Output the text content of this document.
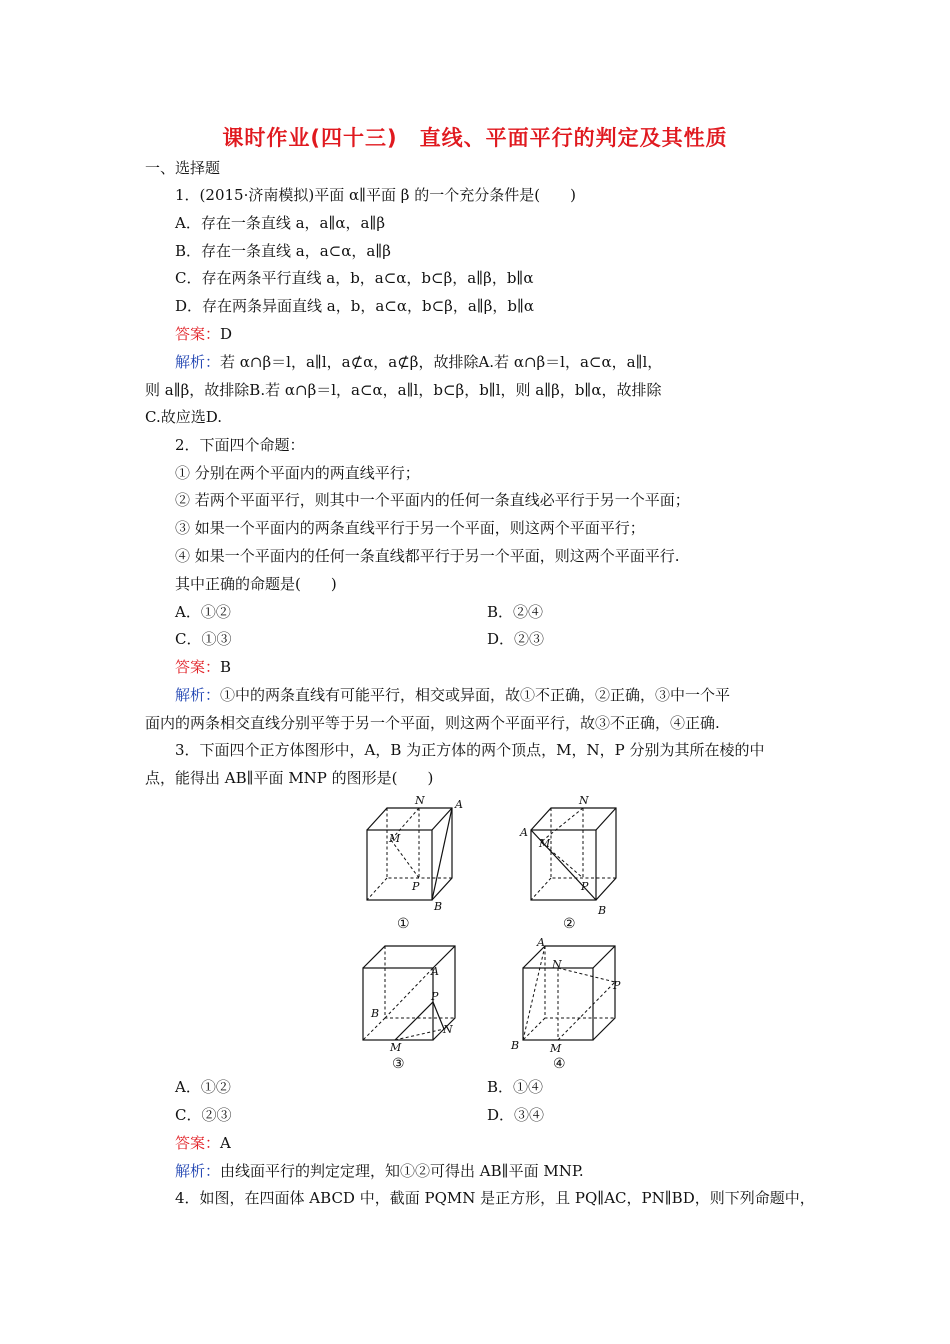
课时作业(四十三)　直线、平面平行的判定及其性质
一、选择题
1．(2015·济南模拟)平面 α∥平面 β 的一个充分条件是(　　)
A．存在一条直线 a，a∥α，a∥β
B．存在一条直线 a，a⊂α，a∥β
C．存在两条平行直线 a，b，a⊂α，b⊂β，a∥β，b∥α
D．存在两条异面直线 a，b，a⊂α，b⊂β，a∥β，b∥α
答案：D
解析：若 α∩β＝l，a∥l，a⊄α，a⊄β，故排除A.若 α∩β＝l，a⊂α，a∥l，
则 a∥β，故排除B.若 α∩β＝l，a⊂α，a∥l，b⊂β，b∥l，则 a∥β，b∥α，故排除
C.故应选D.
2．下面四个命题：
① 分别在两个平面内的两直线平行；
② 若两个平面平行，则其中一个平面内的任何一条直线必平行于另一个平面；
③ 如果一个平面内的两条直线平行于另一个平面，则这两个平面平行；
④ 如果一个平面内的任何一条直线都平行于另一个平面，则这两个平面平行.
其中正确的命题是(　　)
A．①②	B．②④
C．①③	D．②③
答案：B
解析：①中的两条直线有可能平行，相交或异面，故①不正确，②正确，③中一个平
面内的两条相交直线分别平等于另一个平面，则这两个平面平行，故③不正确，④正确.
3．下面四个正方体图形中，A，B 为正方体的两个顶点，M，N，P 分别为其所在棱的中
点，能得出 AB∥平面 MNP 的图形是(　　)
N	A
M
P
B
①
N
A
M
P
B
②
A
P
B
N
M
③
A
N
P
B	M
④
A．①②	B．①④
C．②③	D．③④
答案：A
解析：由线面平行的判定定理，知①②可得出 AB∥平面 MNP.
4．如图，在四面体 ABCD 中，截面 PQMN 是正方形，且 PQ∥AC，PN∥BD，则下列命题中，
